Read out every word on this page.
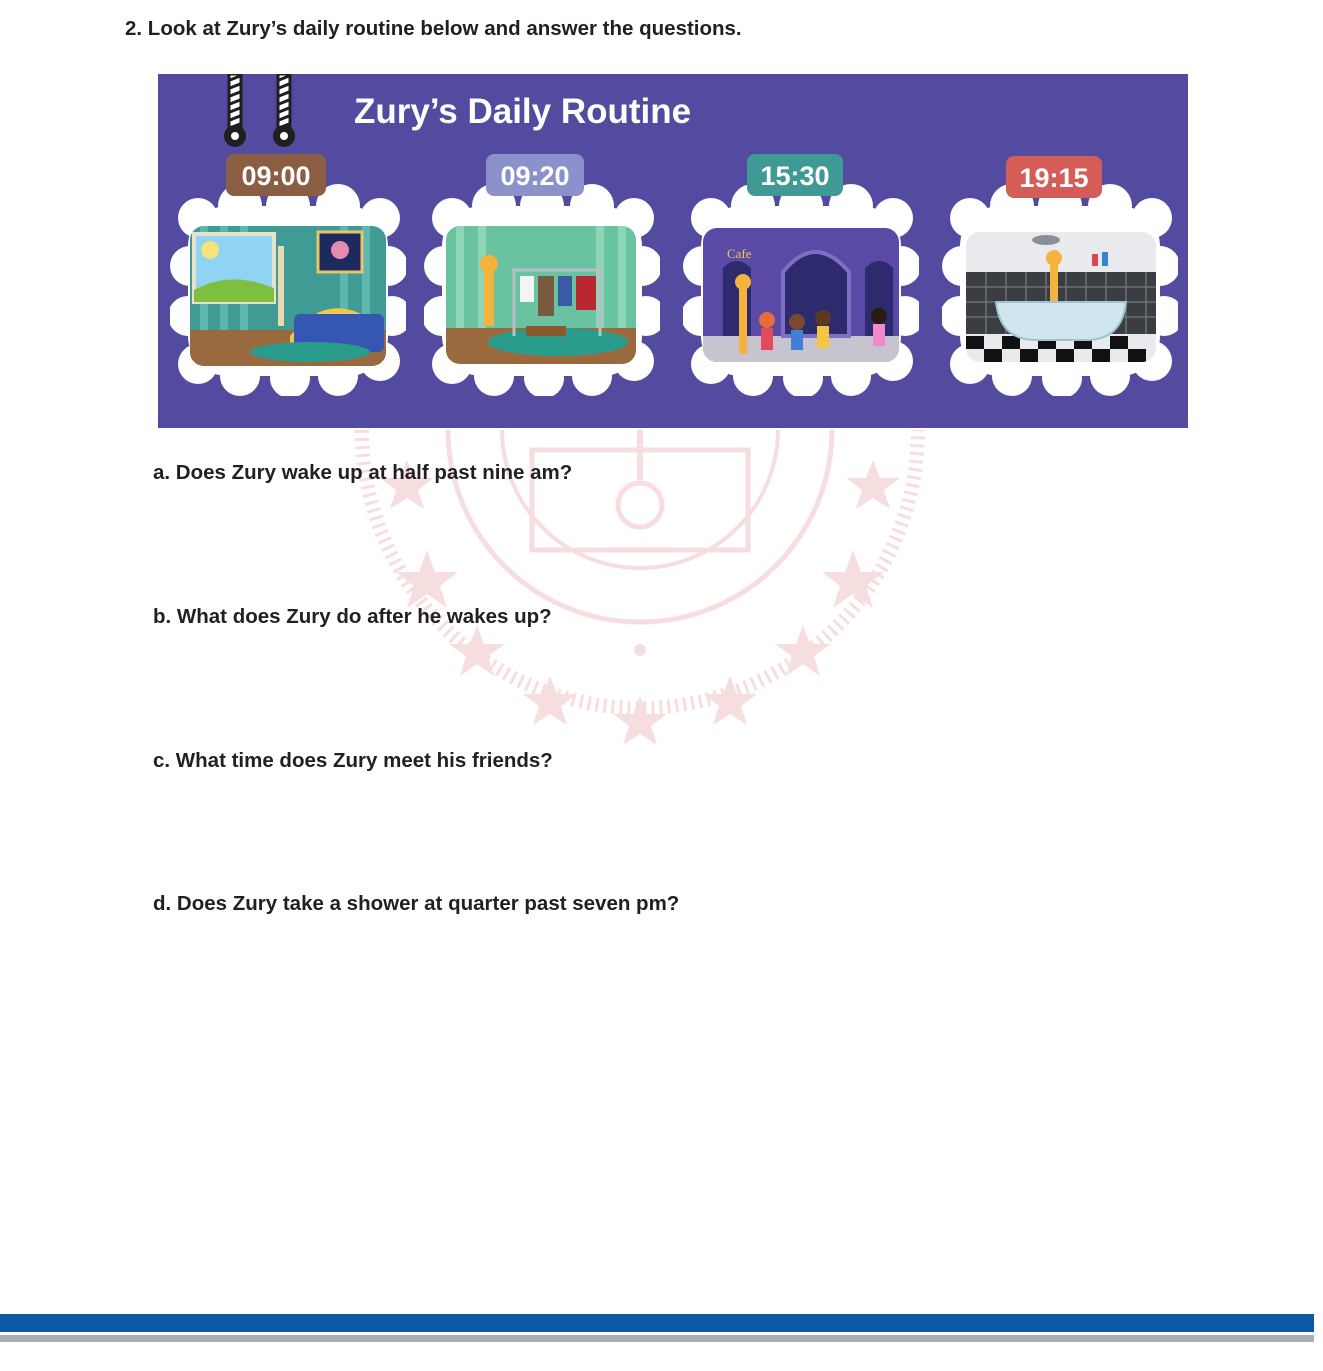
2. Look at Zury’s daily routine below and answer the questions.
Zury’s Daily Routine
09:00	09:20
Cafe
15:30	19:15
a. Does Zury wake up at half past nine am?
b. What does Zury do after he wakes up?
c. What time does Zury meet his friends?
d. Does Zury take a shower at quarter past seven pm?
